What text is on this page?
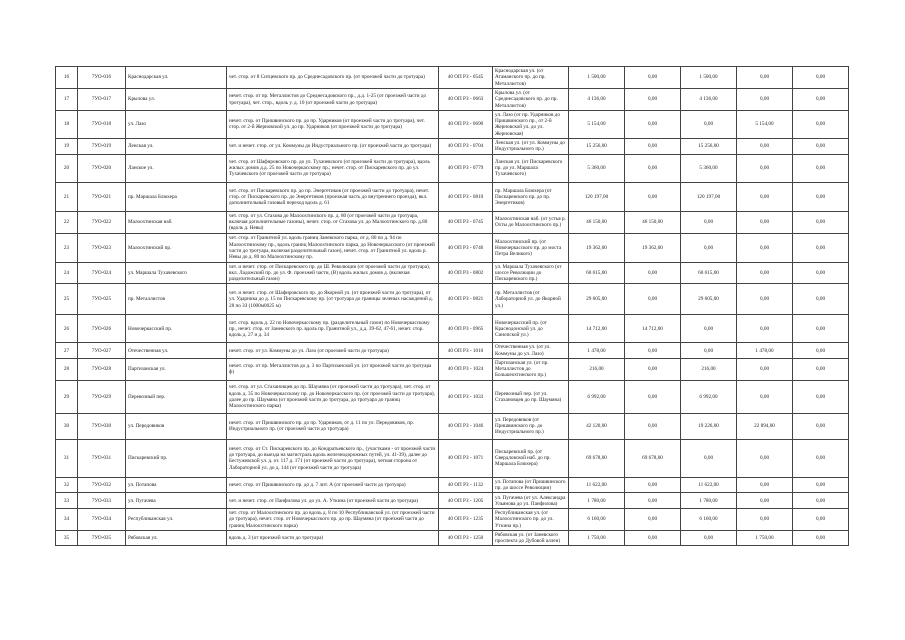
16	7УО-016	Краснодарская ул.	чет. стор. от 8 Ситцевского пр. до Среднесадовского пр. (от проезжей части до тротуара)	40 ОП РЗ - 0545	Краснодарская ул. (от Атаманского пр. до пр. Металлистов)	1 500,00	0,00	1 500,00	0,00	0,00
17	7УО-017	Крылова ул.	нечет. стор. от пр. Металлистов до Среднесадовского пр., д.д. 1-25 (от проезжей части до тротуара), чет. стор., вдоль у. д. 10 (от проезжей части до тротуара)	40 ОП РЗ - 0663	Крылова ул. (от Среднесадовского пр. до пр. Металлистов)	4 136,00	0,00	4 136,00	0,00	0,00
18	7УО-018	ул. Лазо	нечет. стор. от Пришвинского пр. до пр. Ударников (от проезжей части до тротуара), чет. стор. от 2-й Жерновской ул. до пр. Ударников (от проезжей части до тротуара)	40 ОП РЗ - 0690	ул. Лазо (от пр. Ударников до Пришвинского пр., от 2-й Жерновской ул. до ул. Жерновская)	5 154,00	0,00	0,00	5 154,00	0,00
19	7УО-019	Ленская ул.	чет. и нечет. стор. от ул. Коммуны до Индустриального пр. (от проезжей части до тротуара)	40 ОП РЗ - 0704	Ленская ул. (от ул. Коммуны до Индустриального пр.)	15 256,00	0,00	15 256,00	0,00	0,00
20	7УО-020	Ланское ул.	чет. стор. от Шафировского пр. до ул. Тухачевского (от проезжей части до тротуара), вдоль жилых домов д.д. 25 по Новочеркасскому пр.; нечет. стор. от Пискаревского пр. до ул. Тухачевского (от проезжей части до тротуара)	40 ОП РЗ - 0779	Ланская ул. (от Пискаревского пр. до ул. Маршала Тухачевского)	5 360,00	0,00	5 360,00	0,00	0,00
21	7УО-021	пр. Маршала Блюхера	чет. стор. от Пискаревского пр. до пр. Энергетиков (от проезжей части до тротуара), нечет. стор. от Пискаревского пр. до Энергетиков (проезжая часть до внутреннего проезда), вкл. дополнительный газовый переход вдоль д. 61	40 ОП РЗ - 0810	пр. Маршала Блюхера (от Пискаревского пр. до пр. Энергетиков)	120 197,00	0,00	120 197,00	0,00	0,00
22	7УО-022	Малоохтинская наб.	чет. стор. от ул. Стахова до Малоохтинского пр. д. 80 (от проезжей части до тротуара, включая дополнительные газоны), нечет. стор. от Стахова ул. до Малоохтинского пр. д.80 (вдоль д. Невы)	40 ОП РЗ - 0745	Малоохтинская наб. (от устья р. Охты до Малоохтинского пр.)	46 150,00	46 150,00	0,00	0,00	0,00
23	7УО-023	Малоохтинский пр.	чет. стор. от Гранитной ул. вдоль границ Заневского парка, от д. 80 по д. 94 по Малоохтинскому пр., вдоль границ Малоохтинского парка, до Новочеркасского (от проезжей части до тротуара, включая разделительный газон), нечет. стор. от Гранитной ул. вдоль р. Невы до д. 80 по Малоохтинскому пр.	40 ОП РЗ - 0746	Малоохтинский пр. (от Новочеркасского пр. до моста Петра Великого)	19 362,00	19 362,00	0,00	0,00	0,00
24	7УО-024	ул. Маршала Тухачевского	чет. и нечет. стор. от Пискаревского пр. до Ш. Революции (от проезжей части до тротуара), вкл. Ладожский пр. до ул. Ф. проезжей части, (В) вдоль жилых домов д. (включая разделительный газон)	40 ОП РЗ - 0802	ул. Маршала Тухачевского (от шоссе Революции до Пискаревского пр.)	60 615,00	0,00	60 615,00	0,00	0,00
25	7УО-025	пр. Металлистов	чет. и нечет. стор. от Шафировского пр. до Якорной ул. (от проезжей части до тротуара), от ул. Ударника до д. 15 по Пискаревскому пр. (от тротуара до границы зеленых насаждений д. 28 по ЗЗ (1000м0025 м)	40 ОП РЗ - 0821	пр. Металлистов (от Лабораторной ул. до Якорной ул.)	29 605,00	0,00	29 605,00	0,00	0,00
26	7УО-026	Новочеркасский пр.	чет. стор. вдоль д. 22 по Новочеркасскому пр. (разделительный газон) по Новочеркасскому пр., нечет. стор. от Заневского пр. вдоль пр. Гранитной ул., д.д. 39-62, 47-61, нечет. стор. вдоль д. 27 и д. 34	40 ОП РЗ - 0965	Новочеркасский пр. (от Краснодонской ул. до Синопской ул.)	14 712,00	14 712,00	0,00	0,00	0,00
27	7УО-027	Отечественная ул.	нечет. стор. от ул. Коммуны до ул. Лазо (от проезжей части до тротуара)	40 ОП РЗ - 1010	Отечественная ул. (от ул. Коммуны до ул. Лазо)	1 478,00	0,00	0,00	1 478,00	0,00
28	7УО-028	Партизанская ул.	нечет. стор. от пр. Металлистов до д. 3 по Партизанской ул. (от проезжей части до тротуара ф)	40 ОП РЗ - 1024	Партизанская ул. (от пр. Металлистов до Большеохтинского пр.)	216,00	0,00	216,00	0,00	0,00
29	7УО-029	Перевозный пер.	чет. стор. от ул. Стахановцев до пр. Шаумяна (от проезжей части до тротуара), чет. стор. от вдоль д. 35 по Новочеркасскому пр. до Новочеркасского пр. (от проезжей части до тротуара), далее до пр. Шаумяна (от проезжей части до тротуара, до тротуара до границ Малоохтинского парка)	40 ОП РЗ - 1033	Перевозный пер. (от ул. Стахановцев до пр. Шаумяна)	6 992,00	0,00	6 992,00	0,00	0,00
30	7УО-030	ул. Передовиков	нечет. стор. от Пришвинского пр. до пр. Ударников, от д. 11 по ул. Передовиков, пр. Индустриального пр. (от проезжей части до тротуара)	40 ОП РЗ - 1046	ул. Передовиков (от Пришвинского пр. до Индустриального пр.)	42 120,00	0,00	19 226,00	22 894,00	0,00
31	7УО-031	Пискаревский пр.	нечет. стор. от Ст. Пискаревского пр. до Кондратьевского пр., (участками - от проезжей части до тротуара, до выезда на магистраль вдоль железнодорожных путей, ул. 41-39), далее до Бестужевской ул. д. от. 117 д. 171 (от проезжей части до тротуара), четная сторона от Лабораторной ул. до д. 144 (от проезжей части до тротуара)	40 ОП РЗ - 1071	Пискаревский пр. (от Свердловской наб. до пр. Маршала Блюхера)	69 678,00	69 678,00	0,00	0,00	0,00
32	7УО-032	ул. Потапова	нечет. стор. от Пришвинского пр. до д. 7 лит. А (от проезжей части до тротуара)	40 ОП РЗ - 1132	ул. Потапова (от Пришвинского пр. до шоссе Революции)	11 622,00	0,00	11 622,00	0,00	0,00
33	7УО-033	ул. Пугачева	чет. и нечет. стор. от Панфилова ул. до ул. А. Уткина (от проезжей части до тротуара)	40 ОП РЗ - 1205	ул. Пугачева (от ул. Александра Ульянова до ул. Панфилова)	1 780,00	0,00	1 780,00	0,00	0,00
34	7УО-034	Республиканская ул.	чет. стор. от Малоохтинского пр. до вдоль д. 8 по 10 Республиканской ул. (от проезжей части до тротуара), нечет. стор. от Новочеркасского пр. до пр. Шаумяна (от проезжей части до границ Малоохтинского парка)	40 ОП РЗ - 1235	Республиканская ул. (от Малоохтинского пр. до ул. Уткина пр.)	6 160,00	0,00	6 160,00	0,00	0,00
35	7УО-035	Рябовская ул.	вдоль д. 3 (от проезжей части до тротуара)	40 ОП РЗ - 1250	Рябовская ул. (от Заневского проспекта до Дубовой аллеи)	1 750,00	0,00	0,00	1 750,00	0,00
